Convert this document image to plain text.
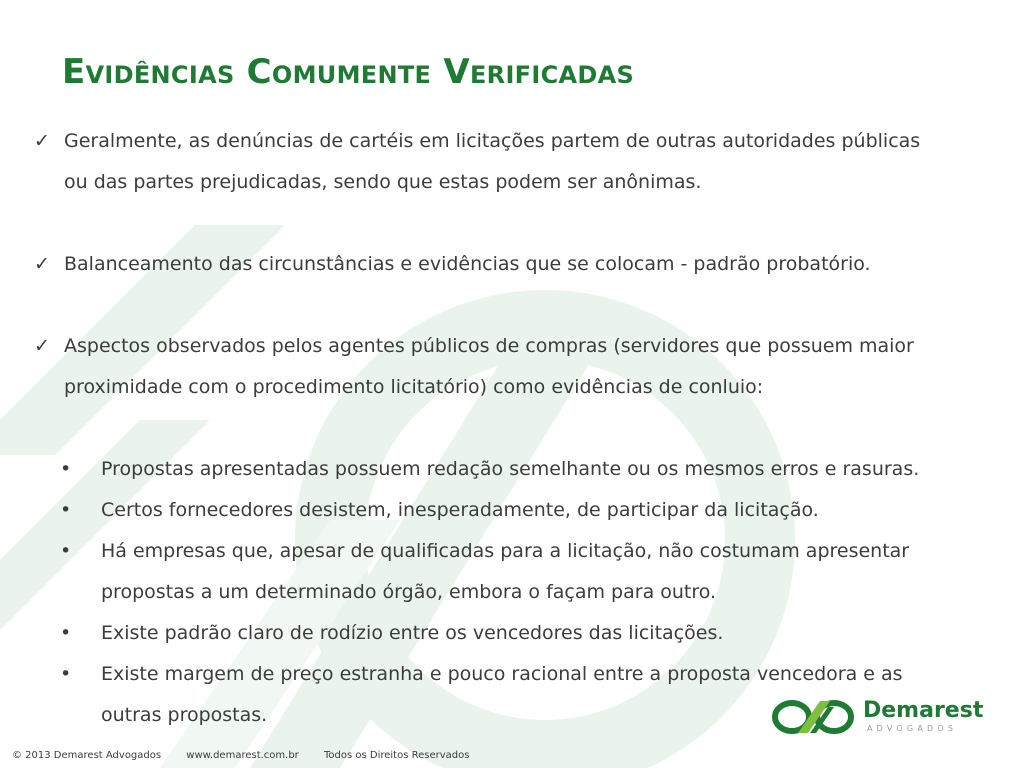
Evidências Comumente Verificadas
✓ Geralmente, as denúncias de cartéis em licitações partem de outras autoridades públicas
ou das partes prejudicadas, sendo que estas podem ser anônimas.
✓ Balanceamento das circunstâncias e evidências que se colocam - padrão probatório.
✓ Aspectos observados pelos agentes públicos de compras (servidores que possuem maior
proximidade com o procedimento licitatório) como evidências de conluio:
• Propostas apresentadas possuem redação semelhante ou os mesmos erros e rasuras.
• Certos fornecedores desistem, inesperadamente, de participar da licitação.
• Há empresas que, apesar de qualificadas para a licitação, não costumam apresentar
propostas a um determinado órgão, embora o façam para outro.
• Existe padrão claro de rodízio entre os vencedores das licitações.
• Existe margem de preço estranha e pouco racional entre a proposta vencedora e as
outras propostas.	Demarest
ADVOGADOS
© 2013 Demarest Advogados	www.demarest.com.br	Todos os Direitos Reservados
